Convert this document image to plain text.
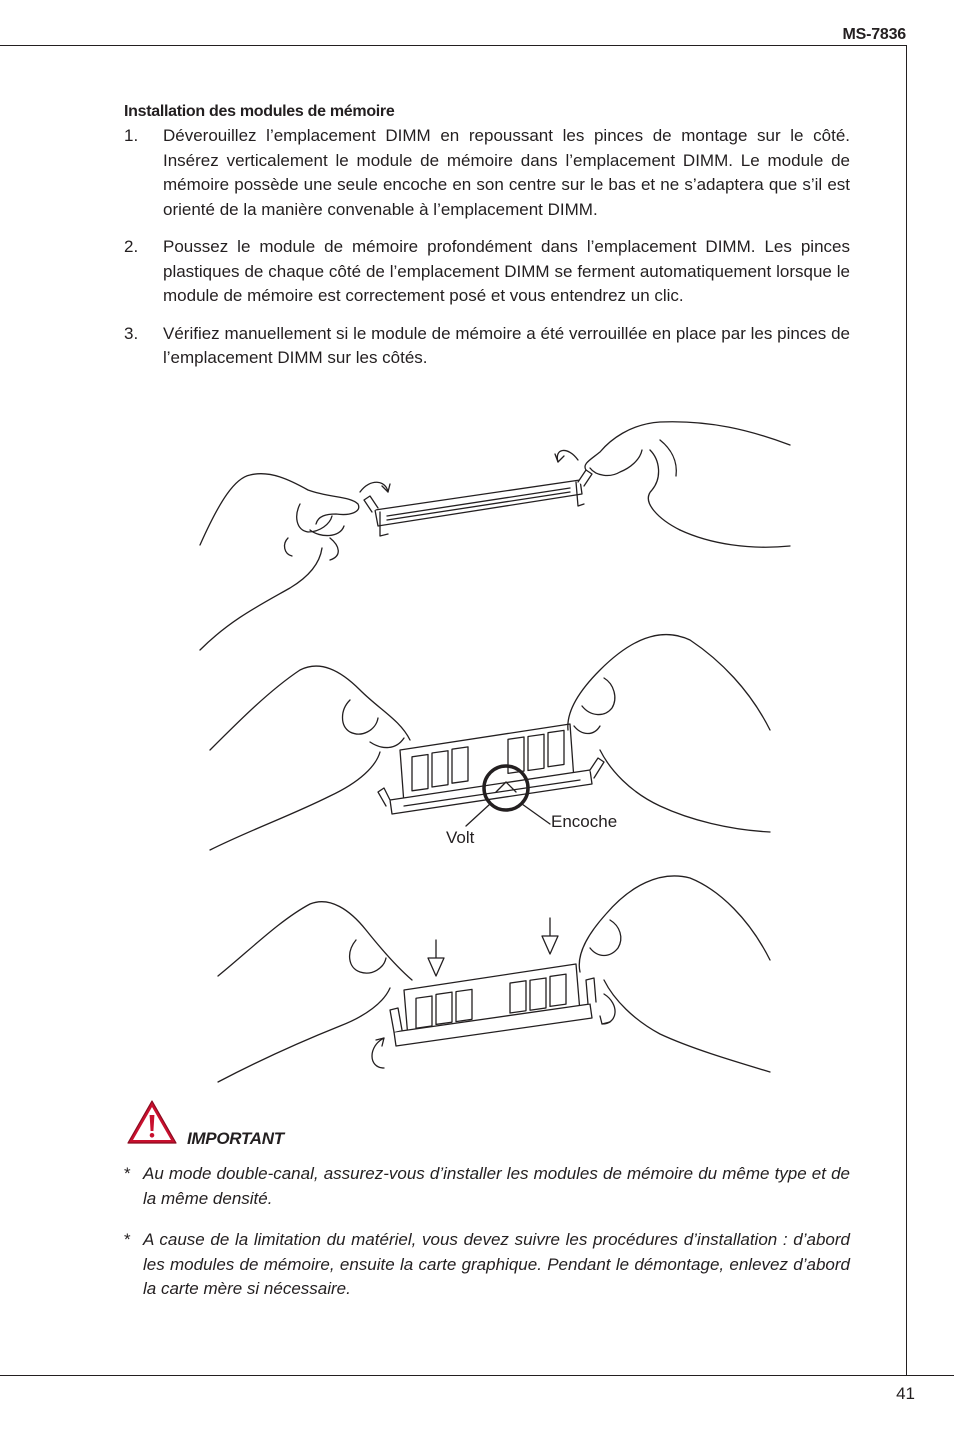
MS-7836
Installation des modules de mémoire
1. Déverouillez l’emplacement DIMM en repoussant les pinces de montage sur le côté. Insérez verticalement le module de mémoire dans l’emplacement DIMM. Le module de mémoire possède une seule encoche en son centre sur le bas et ne s’adaptera que s’il est orienté de la manière convenable à l’emplacement DIMM.
2. Poussez le module de mémoire profondément dans l’emplacement DIMM. Les pinces plastiques de chaque côté de l’emplacement DIMM se ferment automatiquement lorsque le module de mémoire est correctement posé et vous entendrez un clic.
3. Vérifiez manuellement si le module de mémoire a été verrouillée en place par les pinces de l’emplacement DIMM sur les côtés.
Encoche
Volt
IMPORTANT
* Au mode double-canal, assurez-vous d’installer les modules de mémoire du même type et de la même densité.
* A cause de la limitation du matériel, vous devez suivre les procédures d’installation : d’abord les modules de mémoire, ensuite la carte graphique. Pendant le démontage, enlevez d’abord la carte mère si nécessaire.
41
